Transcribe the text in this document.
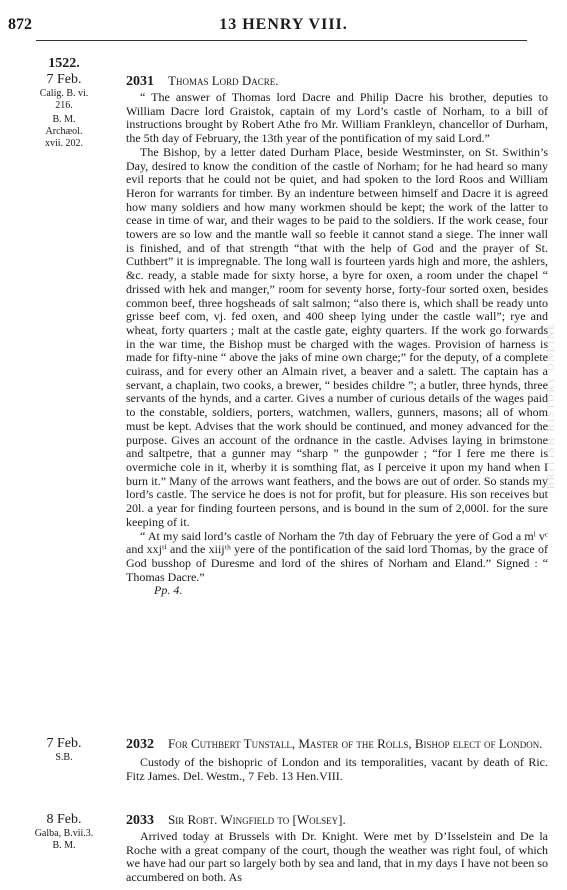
872	13 HENRY VIII.
BRITISH HISTORY ONLINE
1522.
7 Feb.
Calig. B. vi.
216.
B. M.
Archæol.
xvii. 202.

2031 Thomas Lord Dacre.

“ The answer of Thomas lord Dacre and Philip Dacre his brother, deputies to William Dacre lord Graistok, captain of my Lord’s castle of Norham, to a bill of instructions brought by Robert Athe fro Mr. William Frankleyn, chancellor of Durham, the 5th day of February, the 13th year of the pontification of my said Lord.”

The Bishop, by a letter dated Durham Place, beside Westminster, on St. Swithin’s Day, desired to know the condition of the castle of Norham; for he had heard so many evil reports that he could not be quiet, and had spoken to the lord Roos and William Heron for warrants for timber. By an indenture between himself and Dacre it is agreed how many soldiers and how many workmen should be kept; the work of the latter to cease in time of war, and their wages to be paid to the soldiers. If the work cease, four towers are so low and the mantle wall so feeble it cannot stand a siege. The inner wall is finished, and of that strength “that with the help of God and the prayer of St. Cuthbert” it is impregnable. The long wall is fourteen yards high and more, the ashlers, &c. ready, a stable made for sixty horse, a byre for oxen, a room under the chapel “ drissed with hek and manger,” room for seventy horse, forty-four sorted oxen, besides common beef, three hogsheads of salt salmon; “also there is, which shall be ready unto grisse beef com, vj. fed oxen, and 400 sheep lying under the castle wall”; rye and wheat, forty quarters ; malt at the castle gate, eighty quarters. If the work go forwards in the war time, the Bishop must be charged with the wages. Provision of harness is made for fifty-nine “ above the jaks of mine own charge;” for the deputy, of a complete cuirass, and for every other an Almain rivet, a beaver and a salett. The captain has a servant, a chaplain, two cooks, a brewer, “ besides childre ”; a butler, three hynds, three servants of the hynds, and a carter. Gives a number of curious details of the wages paid to the constable, soldiers, porters, watchmen, wallers, gunners, masons; all of whom must be kept. Advises that the work should be continued, and money advanced for the purpose. Gives an account of the ordnance in the castle. Advises laying in brimstone and saltpetre, that a gunner may “sharp ” the gunpowder ; “for I fere me there is overmiche cole in it, wherby it is somthing flat, as I perceive it upon my hand when I burn it.” Many of the arrows want feathers, and the bows are out of order. So stands my lord’s castle. The service he does is not for profit, but for pleasure. His son receives but 20l. a year for finding fourteen persons, and is bound in the sum of 2,000l. for the sure keeping of it.

“ At my said lord’s castle of Norham the 7th day of February the yere of God a mˡ vᶜ and xxjᵗⁱ and the xiijᵗʰ yere of the pontification of the said lord Thomas, by the grace of God busshop of Duresme and lord of the shires of Norham and Eland.” Signed : “ Thomas Dacre.”

Pp. 4.

7 Feb.
S.B.

2032 For Cuthbert Tunstall, Master of the Rolls, Bishop elect of London.

Custody of the bishopric of London and its temporalities, vacant by death of Ric. Fitz James. Del. Westm., 7 Feb. 13 Hen.VIII.

8 Feb.
Galba, B.vii.3.
B. M.

2033 Sir Robt. Wingfield to [Wolsey].

Arrived today at Brussels with Dr. Knight. Were met by D’Isselstein and De la Roche with a great company of the court, though the weather was right foul, of which we have had our part so largely both by sea and land, that in my days I have not been so accumbered on both. As
